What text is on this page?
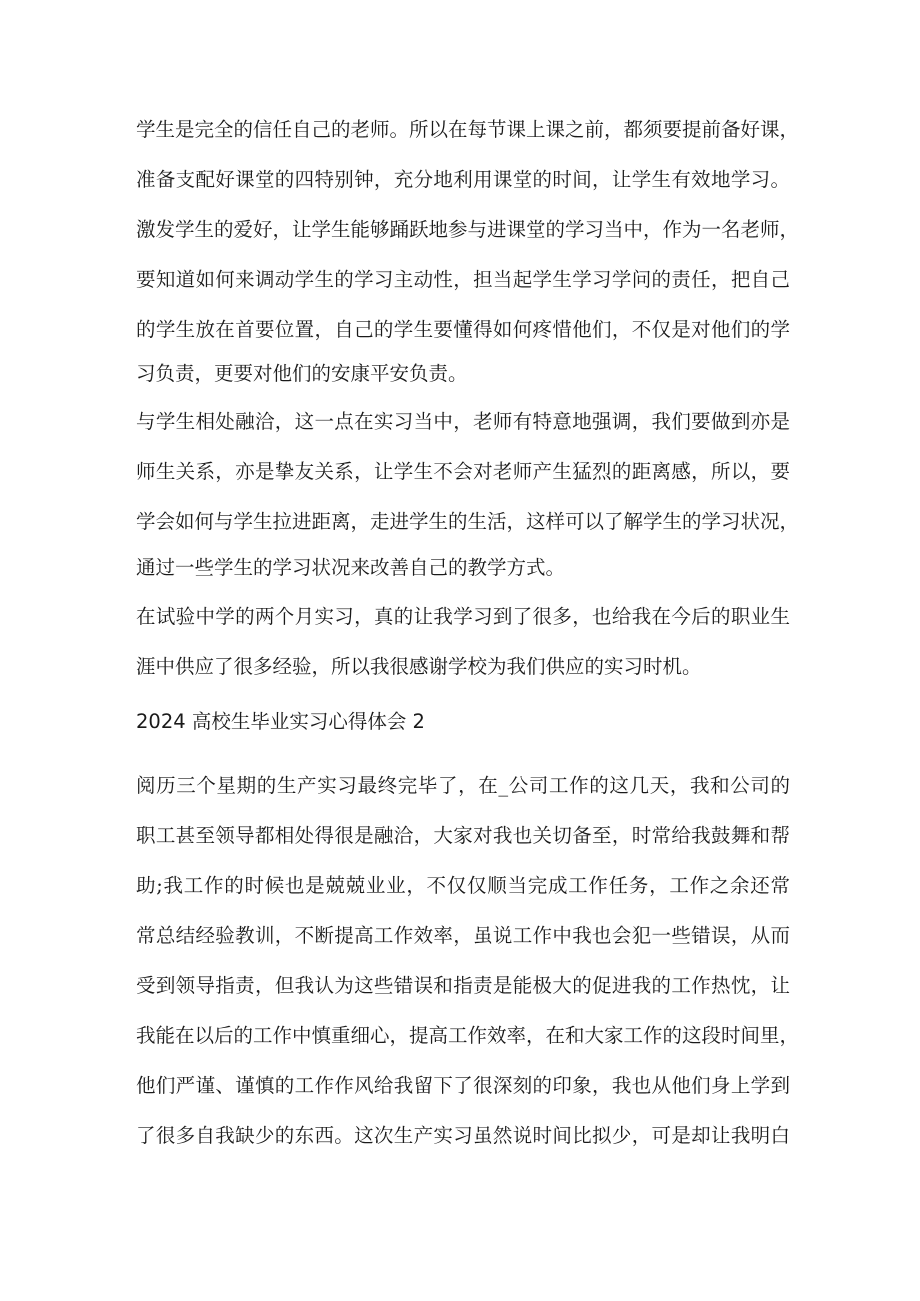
学生是完全的信任自己的老师。所以在每节课上课之前，都须要提前备好课，
准备支配好课堂的四特别钟，充分地利用课堂的时间，让学生有效地学习。
激发学生的爱好，让学生能够踊跃地参与进课堂的学习当中，作为一名老师，
要知道如何来调动学生的学习主动性，担当起学生学习学问的责任，把自己
的学生放在首要位置，自己的学生要懂得如何疼惜他们，不仅是对他们的学
习负责，更要对他们的安康平安负责。
与学生相处融洽，这一点在实习当中，老师有特意地强调，我们要做到亦是
师生关系，亦是挚友关系，让学生不会对老师产生猛烈的距离感，所以，要
学会如何与学生拉进距离，走进学生的生活，这样可以了解学生的学习状况，
通过一些学生的学习状况来改善自己的教学方式。
在试验中学的两个月实习，真的让我学习到了很多，也给我在今后的职业生
涯中供应了很多经验，所以我很感谢学校为我们供应的实习时机。
2024 高校生毕业实习心得体会 2
阅历三个星期的生产实习最终完毕了，在_公司工作的这几天，我和公司的
职工甚至领导都相处得很是融洽，大家对我也关切备至，时常给我鼓舞和帮
助;我工作的时候也是兢兢业业，不仅仅顺当完成工作任务，工作之余还常
常总结经验教训，不断提高工作效率，虽说工作中我也会犯一些错误，从而
受到领导指责，但我认为这些错误和指责是能极大的促进我的工作热忱，让
我能在以后的工作中慎重细心，提高工作效率，在和大家工作的这段时间里，
他们严谨、谨慎的工作作风给我留下了很深刻的印象，我也从他们身上学到
了很多自我缺少的东西。这次生产实习虽然说时间比拟少，可是却让我明白
